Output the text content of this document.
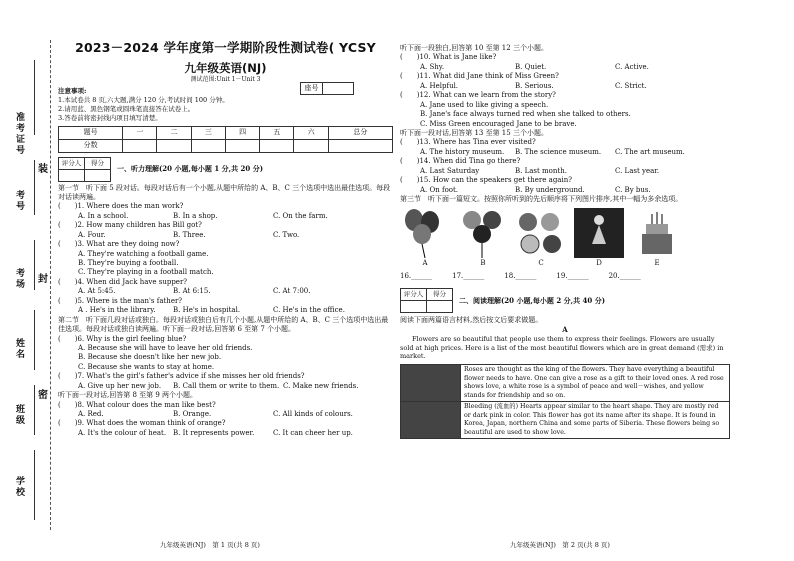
准考证号
考号
考场
姓名
班级
学校
装
封
密
2023－2024 学年度第一学期阶段性测试卷( YCSY
九年级英语(NJ)
测试范围:Unit 1－Unit 3
注意事项:
1.本试卷共 8 页,六大题,满分 120 分,考试时间 100 分钟。
2.请用蓝、黑色钢笔或圆珠笔直接答在试卷上。
3.答卷前将密封线内项目填写清楚。
题号	一	二	三	四	五	六	总分
分数							
评分人	得分

一、听力理解(20 小题,每小题 1 分,共 20 分)
第一节　听下面 5 段对话。每段对话后有一个小题,从题中所给的 A、B、C 三个选项中选出最佳选项。每段对话读两遍。
(　　)1. Where does the man work?
A. In a school.	B. In a shop.	C. On the farm.
(　　)2. How many children has Bill got?
A. Four.	B. Three.	C. Two.
(　　)3. What are they doing now?
A. They're watching a football game.
B. They're buying a football.
C. They're playing in a football match.
(　　)4. When did Jack have supper?
A. At 5:45.	B. At 6:15.	C. At 7:00.
(　　)5. Where is the man's father?
A . He's in the library.	B. He's in hospital.	C. He's in the office.
第二节　听下面几段对话或独白。每段对话或独白后有几个小题,从题中所给的 A、B、C 三个选项中选出最佳选项。每段对话或独白读两遍。听下面一段对话,回答第 6 至第 7 个小题。
(　　)6. Why is the girl feeling blue?
A. Because she will have to leave her old friends.
B. Because she doesn't like her new job.
C. Because she wants to stay at home.
(　　)7. What's the girl's father's advice if she misses her old friends?
A. Give up her new job.	B. Call them or write to them. C. Make new friends.
听下面一段对话,回答第 8 至第 9 两个小题。
(　　)8. What colour does the man like best?
A. Red.	B. Orange.	C. All kinds of colours.
(　　)9. What does the woman think of orange?
A. It's the colour of heat. B. It represents power.	C. It can cheer her up.
座号
九年级英语(NJ)　第 1 页(共 8 页)
听下面一段独白,回答第 10 至第 12 三个小题。
(　　)10. What is Jane like?
A. Shy.	B. Quiet.	C. Active.
(　　)11. What did Jane think of Miss Green?
A. Helpful.	B. Serious.	C. Strict.
(　　)12. What can we learn from the story?
A. Jane used to like giving a speech.
B. Jane's face always turned red when she talked to others.
C. Miss Green encouraged Jane to be brave.
听下面一段对话,回答第 13 至第 15 三个小题。
(　　)13. Where has Tina ever visited?
A. The history museum.	B. The science museum.	C. The art museum.
(　　)14. When did Tina go there?
A. Last Saturday	B. Last month.	C. Last year.
(　　)15. How can the speakers get there again?
A. On foot.	B. By underground.	C. By bus.
第三节　听下面一篇短文。按照你所听到的先后顺序将下列图片排序,其中一幅为多余选项。
A	B	C	D	E
16.______	17.______	18.______	19.______	20.______
评分人	得分

二、阅读理解(20 小题,每小题 2 分,共 40 分)
阅读下面两篇语言材料,然后按文后要求做题。
A
Flowers are so beautiful that people use them to express their feelings. Flowers are usually sold at high prices. Here is a list of the most beautiful flowers which are in great demand (需求) in market.
Roses are thought as the king of the flowers. They have everything a beautiful flower needs to have. One can give a rose as a gift to their loved ones. A red rose shows love, a white rose is a symbol of peace and well－wishes, and yellow stands for friendship and so on.
Bleeding (流血的) Hearts appear similar to the heart shape. They are mostly red or dark pink in color. This flower has got its name after its shape. It is found in Korea, Japan, northern China and some parts of Siberia. These flowers being so beautiful are used to show love.
九年级英语(NJ)　第 2 页(共 8 页)
